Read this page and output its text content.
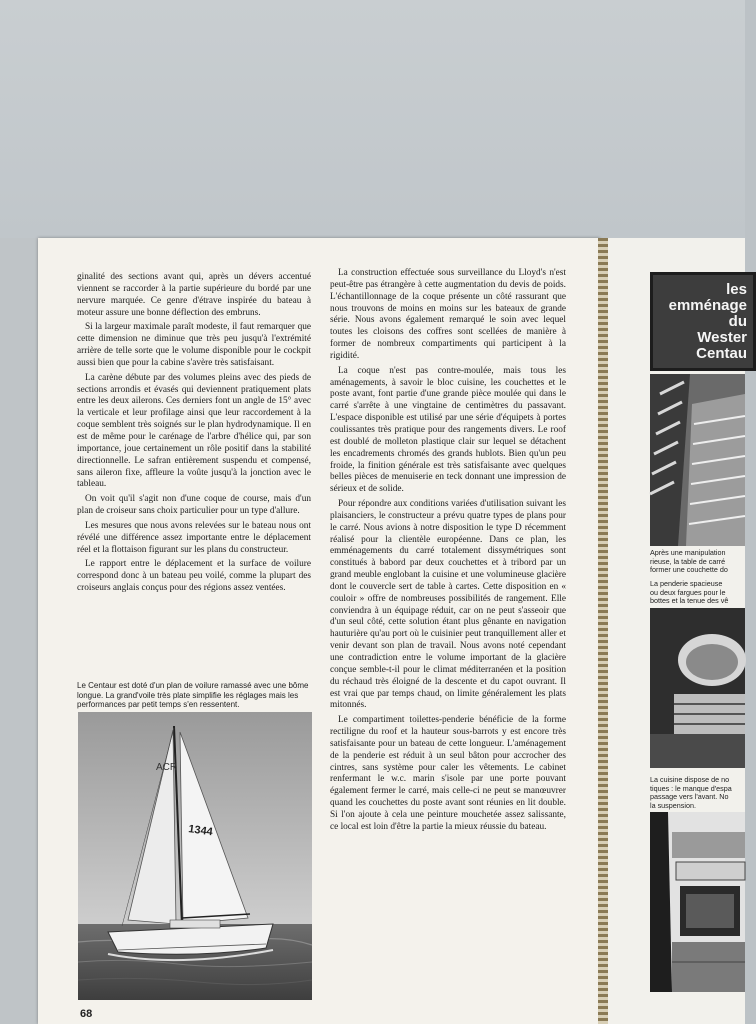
ginalité des sections avant qui, après un dévers accentué viennent se raccorder à la partie supérieure du bordé par une nervure marquée. Ce genre d'étrave inspirée du bateau à moteur assure une bonne déflection des embruns.

Si la largeur maximale paraît modeste, il faut remarquer que cette dimension ne diminue que très peu jusqu'à l'extrémité arrière de telle sorte que le volume disponible pour le cockpit aussi bien que pour la cabine s'avère très satisfaisant.

La carène débute par des volumes pleins avec des pieds de sections arrondis et évasés qui deviennent pratiquement plats entre les deux ailerons. Ces derniers font un angle de 15° avec la verticale et leur profilage ainsi que leur raccordement à la coque semblent très soignés sur le plan hydrodynamique. Il en est de même pour le carénage de l'arbre d'hélice qui, par son importance, joue certainement un rôle positif dans la stabilité directionnelle. Le safran entièrement suspendu et compensé, sans aileron fixe, affleure la voûte jusqu'à la jonction avec le tableau.

On voit qu'il s'agit non d'une coque de course, mais d'un plan de croiseur sans choix particulier pour un type d'allure.

Les mesures que nous avons relevées sur le bateau nous ont révélé une différence assez importante entre le déplacement réel et la flottaison figurant sur les plans du constructeur.

Le rapport entre le déplacement et la surface de voilure correspond donc à un bateau peu voilé, comme la plupart des croiseurs anglais conçus pour des régions assez ventées.

Le Centaur est doté d'un plan de voilure ramassé avec une bôme longue. La grand'voile très plate simplifie les réglages mais les performances par petit temps s'en ressentent.
ACR
1344
68

La construction effectuée sous surveillance du Lloyd's n'est peut-être pas étrangère à cette augmentation du devis de poids. L'échantillonnage de la coque présente un côté rassurant que nous trouvons de moins en moins sur les bateaux de grande série. Nous avons également remarqué le soin avec lequel toutes les cloisons des coffres sont scellées de manière à former de nombreux compartiments qui participent à la rigidité.

La coque n'est pas contre-moulée, mais tous les aménagements, à savoir le bloc cuisine, les couchettes et le poste avant, font partie d'une grande pièce moulée qui dans le carré s'arrête à une vingtaine de centimètres du passavant. L'espace disponible est utilisé par une série d'équipets à portes coulissantes très pratique pour des rangements divers. Le roof est doublé de molleton plastique clair sur lequel se détachent les encadrements chromés des grands hublots. Bien qu'un peu froide, la finition générale est très satisfaisante avec quelques belles pièces de menuiserie en teck donnant une impression de sérieux et de solide.

Pour répondre aux conditions variées d'utilisation suivant les plaisanciers, le constructeur a prévu quatre types de plans pour le carré. Nous avions à notre disposition le type D récemment réalisé pour la clientèle européenne. Dans ce plan, les emménagements du carré totalement dissymétriques sont constitués à babord par deux couchettes et à tribord par un grand meuble englobant la cuisine et une volumineuse glacière dont le couvercle sert de table à cartes. Cette disposition en « couloir » offre de nombreuses possibilités de rangement. Elle conviendra à un équipage réduit, car on ne peut s'asseoir que d'un seul côté, cette solution étant plus gênante en navigation hauturière qu'au port où le cuisinier peut tranquillement aller et venir devant son plan de travail. Nous avons noté cependant une contradiction entre le volume important de la glacière conçue semble-t-il pour le climat méditerranéen et la position du réchaud très éloigné de la descente et du capot ouvrant. Il est vrai que par temps chaud, on limite généralement les plats mitonnés.

Le compartiment toilettes-penderie bénéficie de la forme rectiligne du roof et la hauteur sous-barrots y est encore très satisfaisante pour un bateau de cette longueur. L'aménagement de la penderie est réduit à un seul bâton pour accrocher des cintres, sans système pour caler les vêtements. Le cabinet renfermant le w.c. marin s'isole par une porte pouvant également fermer le carré, mais celle-ci ne peut se manœuvrer quand les couchettes du poste avant sont réunies en lit double. Si l'on ajoute à cela une peinture mouchetée assez salissante, ce local est loin d'être la partie la mieux réussie du bateau.

les
emménage
du
Wester
Centau
Après une manipulation
rieuse, la table de carré
former une couchette do
La penderie spacieuse
ou deux fargues pour le
bottes et la tenue des vê
La cuisine dispose de no
tiques : le manque d'espa
passage vers l'avant. No
la suspension.
